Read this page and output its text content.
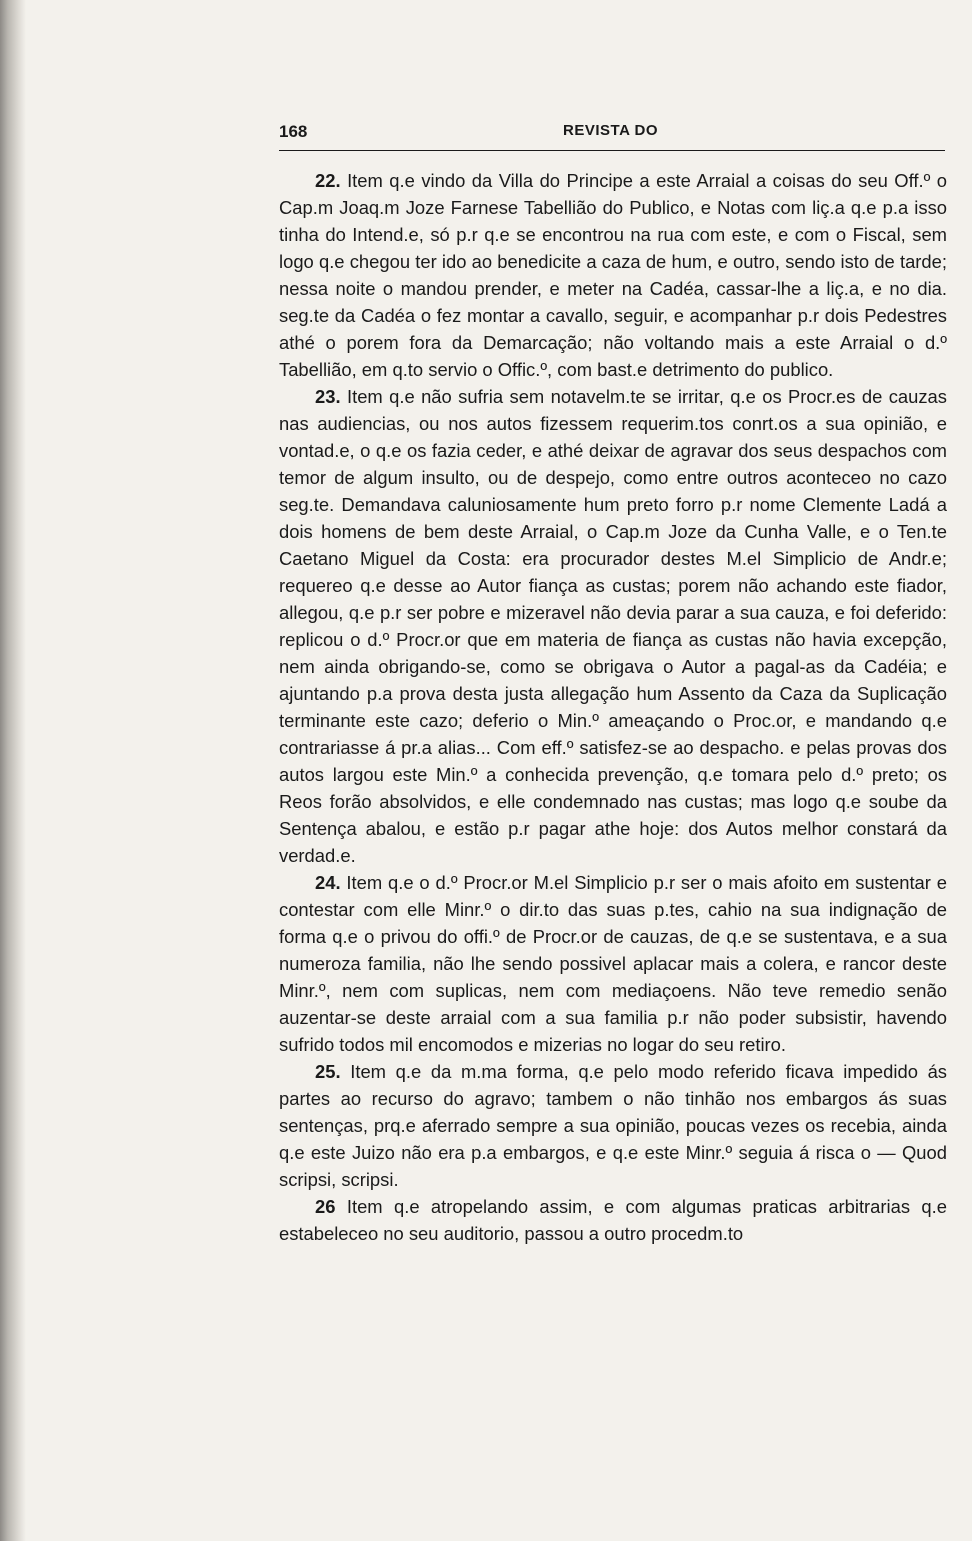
168	REVISTA DO

22. Item q.e vindo da Villa do Principe a este Arraial a coisas do seu Off.º o Cap.m Joaq.m Joze Farnese Tabellião do Publico, e Notas com liç.a q.e p.a isso tinha do Intend.e, só p.r q.e se encontrou na rua com este, e com o Fiscal, sem logo q.e chegou ter ido ao benedicite a caza de hum, e outro, sendo isto de tarde; nessa noite o mandou prender, e meter na Cadéa, cassar-lhe a liç.a, e no dia. seg.te da Cadéa o fez montar a cavallo, seguir, e acompanhar p.r dois Pedestres athé o porem fora da Demarcação; não voltando mais a este Arraial o d.º Tabellião, em q.to servio o Offic.º, com bast.e detrimento do publico.

23. Item q.e não sufria sem notavelm.te se irritar, q.e os Procr.es de cauzas nas audiencias, ou nos autos fizessem requerim.tos conrt.os a sua opinião, e vontad.e, o q.e os fazia ceder, e athé deixar de agravar dos seus despachos com temor de algum insulto, ou de despejo, como entre outros aconteceo no cazo seg.te. Demandava caluniosamente hum preto forro p.r nome Clemente Ladá a dois homens de bem deste Arraial, o Cap.m Joze da Cunha Valle, e o Ten.te Caetano Miguel da Costa: era procurador destes M.el Simplicio de Andr.e; requereo q.e desse ao Autor fiança as custas; porem não achando este fiador, allegou, q.e p.r ser pobre e mizeravel não devia parar a sua cauza, e foi deferido: replicou o d.º Procr.or que em materia de fiança as custas não havia excepção, nem ainda obrigando-se, como se obrigava o Autor a pagal-as da Cadéia; e ajuntando p.a prova desta justa allegação hum Assento da Caza da Suplicação terminante este cazo; deferio o Min.º ameaçando o Proc.or, e mandando q.e contrariasse á pr.a alias... Com eff.º satisfez-se ao despacho. e pelas provas dos autos largou este Min.º a conhecida prevenção, q.e tomara pelo d.º preto; os Reos forão absolvidos, e elle condemnado nas custas; mas logo q.e soube da Sentença abalou, e estão p.r pagar athe hoje: dos Autos melhor constará da verdad.e.

24. Item q.e o d.º Procr.or M.el Simplicio p.r ser o mais afoito em sustentar e contestar com elle Minr.º o dir.to das suas p.tes, cahio na sua indignação de forma q.e o privou do offi.º de Procr.or de cauzas, de q.e se sustentava, e a sua numeroza familia, não lhe sendo possivel aplacar mais a colera, e rancor deste Minr.º, nem com suplicas, nem com mediaçoens. Não teve remedio senão auzentar-se deste arraial com a sua familia p.r não poder subsistir, havendo sufrido todos mil encomodos e mizerias no logar do seu retiro.

25. Item q.e da m.ma forma, q.e pelo modo referido ficava impedido ás partes ao recurso do agravo; tambem o não tinhão nos embargos ás suas sentenças, prq.e aferrado sempre a sua opinião, poucas vezes os recebia, ainda q.e este Juizo não era p.a embargos, e q.e este Minr.º seguia á risca o — Quod scripsi, scripsi.

26 Item q.e atropelando assim, e com algumas praticas arbitrarias q.e estabeleceo no seu auditorio, passou a outro procedm.to
